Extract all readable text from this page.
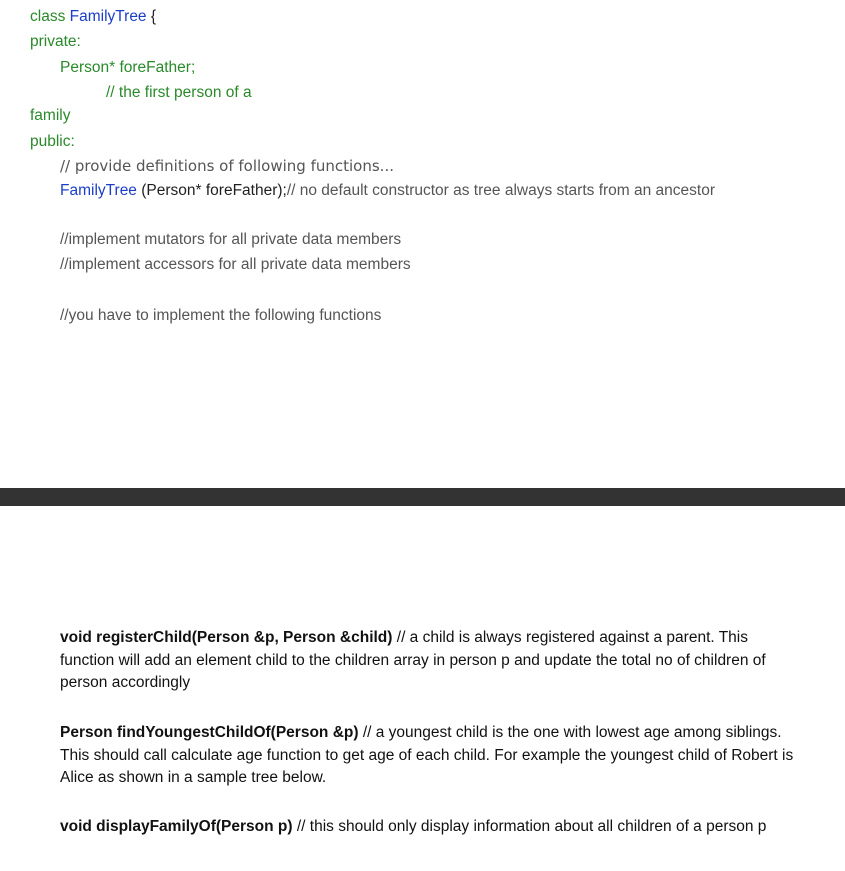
class FamilyTree {
private:
Person* foreFather;
// the first person of a
family
public:
// provide definitions of following functions...
FamilyTree (Person* foreFather);// no default constructor as tree always starts from an ancestor
//implement mutators for all private data members
//implement accessors for all private data members
//you have to implement the following functions
void registerChild(Person &p, Person &child) // a child is always registered against a parent. This function will add an element child to the children array in person p and update the total no of children of person accordingly
Person findYoungestChildOf(Person &p) // a youngest child is the one with lowest age among siblings. This should call calculate age function to get age of each child. For example the youngest child of Robert is Alice as shown in a sample tree below.
void displayFamilyOf(Person p) // this should only display information about all children of a person p
